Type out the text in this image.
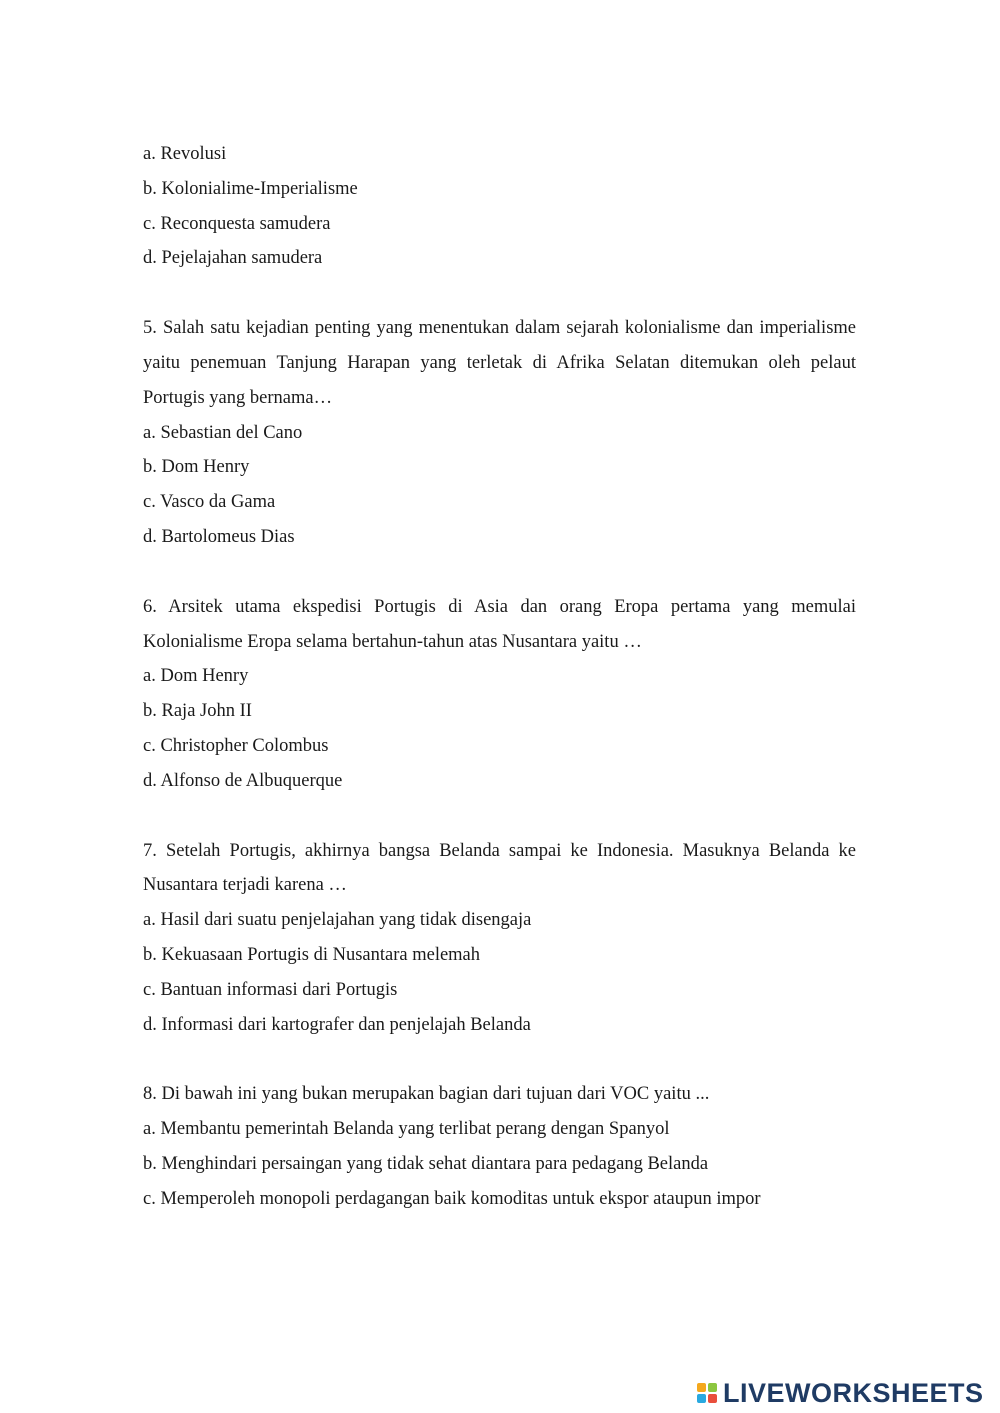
a. Revolusi
b. Kolonialime-Imperialisme
c. Reconquesta samudera
d. Pejelajahan samudera
5. Salah satu kejadian penting yang menentukan dalam sejarah kolonialisme dan imperialisme yaitu penemuan Tanjung Harapan yang terletak di Afrika Selatan ditemukan oleh pelaut Portugis yang bernama…
a. Sebastian del Cano
b. Dom Henry
c. Vasco da Gama
d. Bartolomeus Dias
6. Arsitek utama ekspedisi Portugis di Asia dan orang Eropa pertama yang memulai Kolonialisme Eropa selama bertahun-tahun atas Nusantara yaitu …
a. Dom Henry
b. Raja John II
c. Christopher Colombus
d. Alfonso de Albuquerque
7. Setelah Portugis, akhirnya bangsa Belanda sampai ke Indonesia. Masuknya Belanda ke Nusantara terjadi karena …
a. Hasil dari suatu penjelajahan yang tidak disengaja
b. Kekuasaan Portugis di Nusantara melemah
c. Bantuan informasi dari Portugis
d. Informasi dari kartografer dan penjelajah Belanda
8. Di bawah ini yang bukan merupakan bagian dari tujuan dari VOC yaitu ...
a. Membantu pemerintah Belanda yang terlibat perang dengan Spanyol
b. Menghindari persaingan yang tidak sehat diantara para pedagang Belanda
c. Memperoleh monopoli perdagangan baik komoditas untuk ekspor ataupun impor
LIVEWORKSHEETS
